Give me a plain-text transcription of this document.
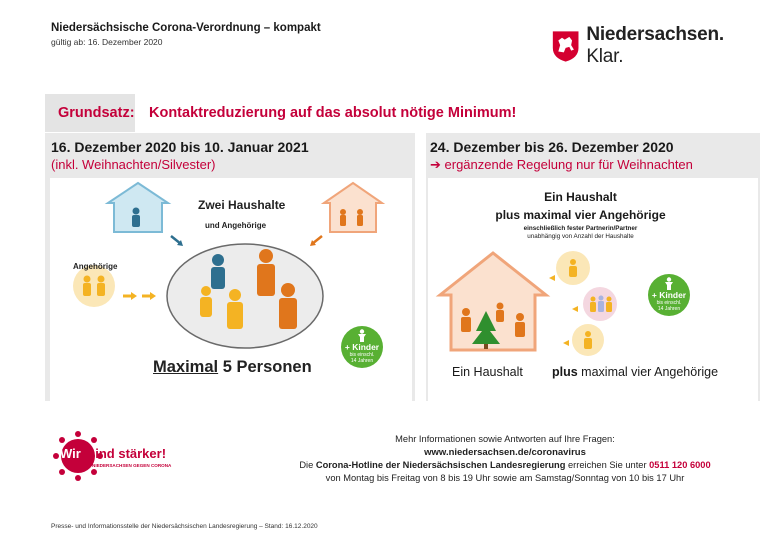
Niedersächsische Corona-Verordnung – kompakt
gültig ab: 16. Dezember 2020	Niedersachsen. Klar.
Grundsatz: Kontaktreduzierung auf das absolut nötige Minimum!
16. Dezember 2020 bis 10. Januar 2021
(inkl. Weihnachten/Silvester)
Zwei Haushalte
und Angehörige
Angehörige
Maximal 5 Personen
+ Kinder
bis einschl.
14 Jahren
24. Dezember bis 26. Dezember 2020
➔ ergänzende Regelung nur für Weihnachten
Ein Haushalt
plus maximal vier Angehörige
einschließlich fester Partnerin/Partner
unabhängig von Anzahl der Haushalte
Ein Haushalt plus maximal vier Angehörige
+ Kinder
bis einschl.
14 Jahren
Wir sind stärker!
NIEDERSACHSEN GEGEN CORONA
Mehr Informationen sowie Antworten auf Ihre Fragen:
www.niedersachsen.de/coronavirus
Die Corona-Hotline der Niedersächsischen Landesregierung erreichen Sie unter 0511 120 6000
von Montag bis Freitag von 8 bis 19 Uhr sowie am Samstag/Sonntag von 10 bis 17 Uhr
Presse- und Informationsstelle der Niedersächsischen Landesregierung – Stand: 16.12.2020
